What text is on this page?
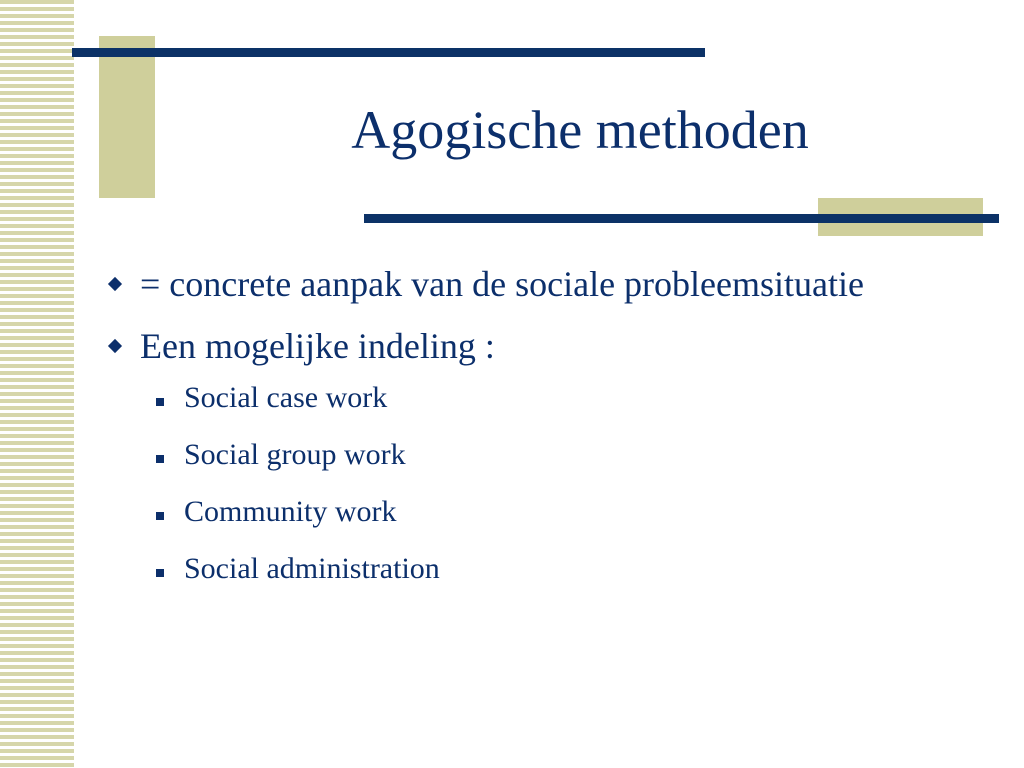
Agogische methoden
= concrete aanpak van de sociale probleemsituatie
Een mogelijke indeling :
Social case work
Social group work
Community work
Social administration
